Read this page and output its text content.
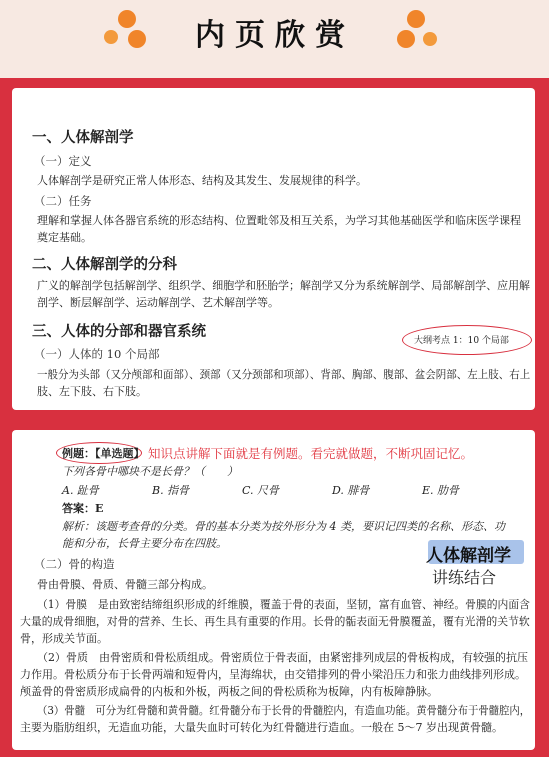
内页欣赏
一、人体解剖学
（一）定义
人体解剖学是研究正常人体形态、结构及其发生、发展规律的科学。
（二）任务
理解和掌握人体各器官系统的形态结构、位置毗邻及相互关系，为学习其他基础医学和临床医学课程
奠定基础。
二、人体解剖学的分科
广义的解剖学包括解剖学、组织学、细胞学和胚胎学；解剖学又分为系统解剖学、局部解剖学、应用解
剖学、断层解剖学、运动解剖学、艺术解剖学等。
三、人体的分部和器官系统
大纲考点 1：10 个局部
（一）人体的 10 个局部
一般分为头部（又分颅部和面部）、颈部（又分颈部和项部）、背部、胸部、腹部、盆会阴部、左上肢、右上
肢、左下肢、右下肢。
例题：【单选题】 知识点讲解下面就是有例题。看完就做题，不断巩固记忆。
下列各骨中哪块不是长骨？（　　）
A. 趾骨	B. 指骨	C. 尺骨	D. 腓骨	E. 肋骨
答案：E
解析：该题考查骨的分类。骨的基本分类为按外形分为 4 类，要识记四类的名称、形态、功
能和分布，长骨主要分布在四肢。
人体解剖学
讲练结合
（二）骨的构造
骨由骨膜、骨质、骨髓三部分构成。
（1）骨膜　是由致密结缔组织形成的纤维膜，覆盖于骨的表面，坚韧，富有血管、神经。骨膜的内面含
大量的成骨细胞，对骨的营养、生长、再生具有重要的作用。长骨的骺表面无骨膜覆盖，覆有光滑的关节软
骨，形成关节面。
（2）骨质　由骨密质和骨松质组成。骨密质位于骨表面，由紧密排列成层的骨板构成，有较强的抗压
力作用。骨松质分布于长骨两端和短骨内，呈海绵状，由交错排列的骨小梁沿压力和张力曲线排列形成。
颅盖骨的骨密质形成扁骨的内板和外板，两板之间的骨松质称为板障，内有板障静脉。
（3）骨髓　可分为红骨髓和黄骨髓。红骨髓分布于长骨的骨髓腔内，有造血功能。黄骨髓分布于骨髓腔内，
主要为脂肪组织，无造血功能，大量失血时可转化为红骨髓进行造血。一般在 5～7 岁出现黄骨髓。
